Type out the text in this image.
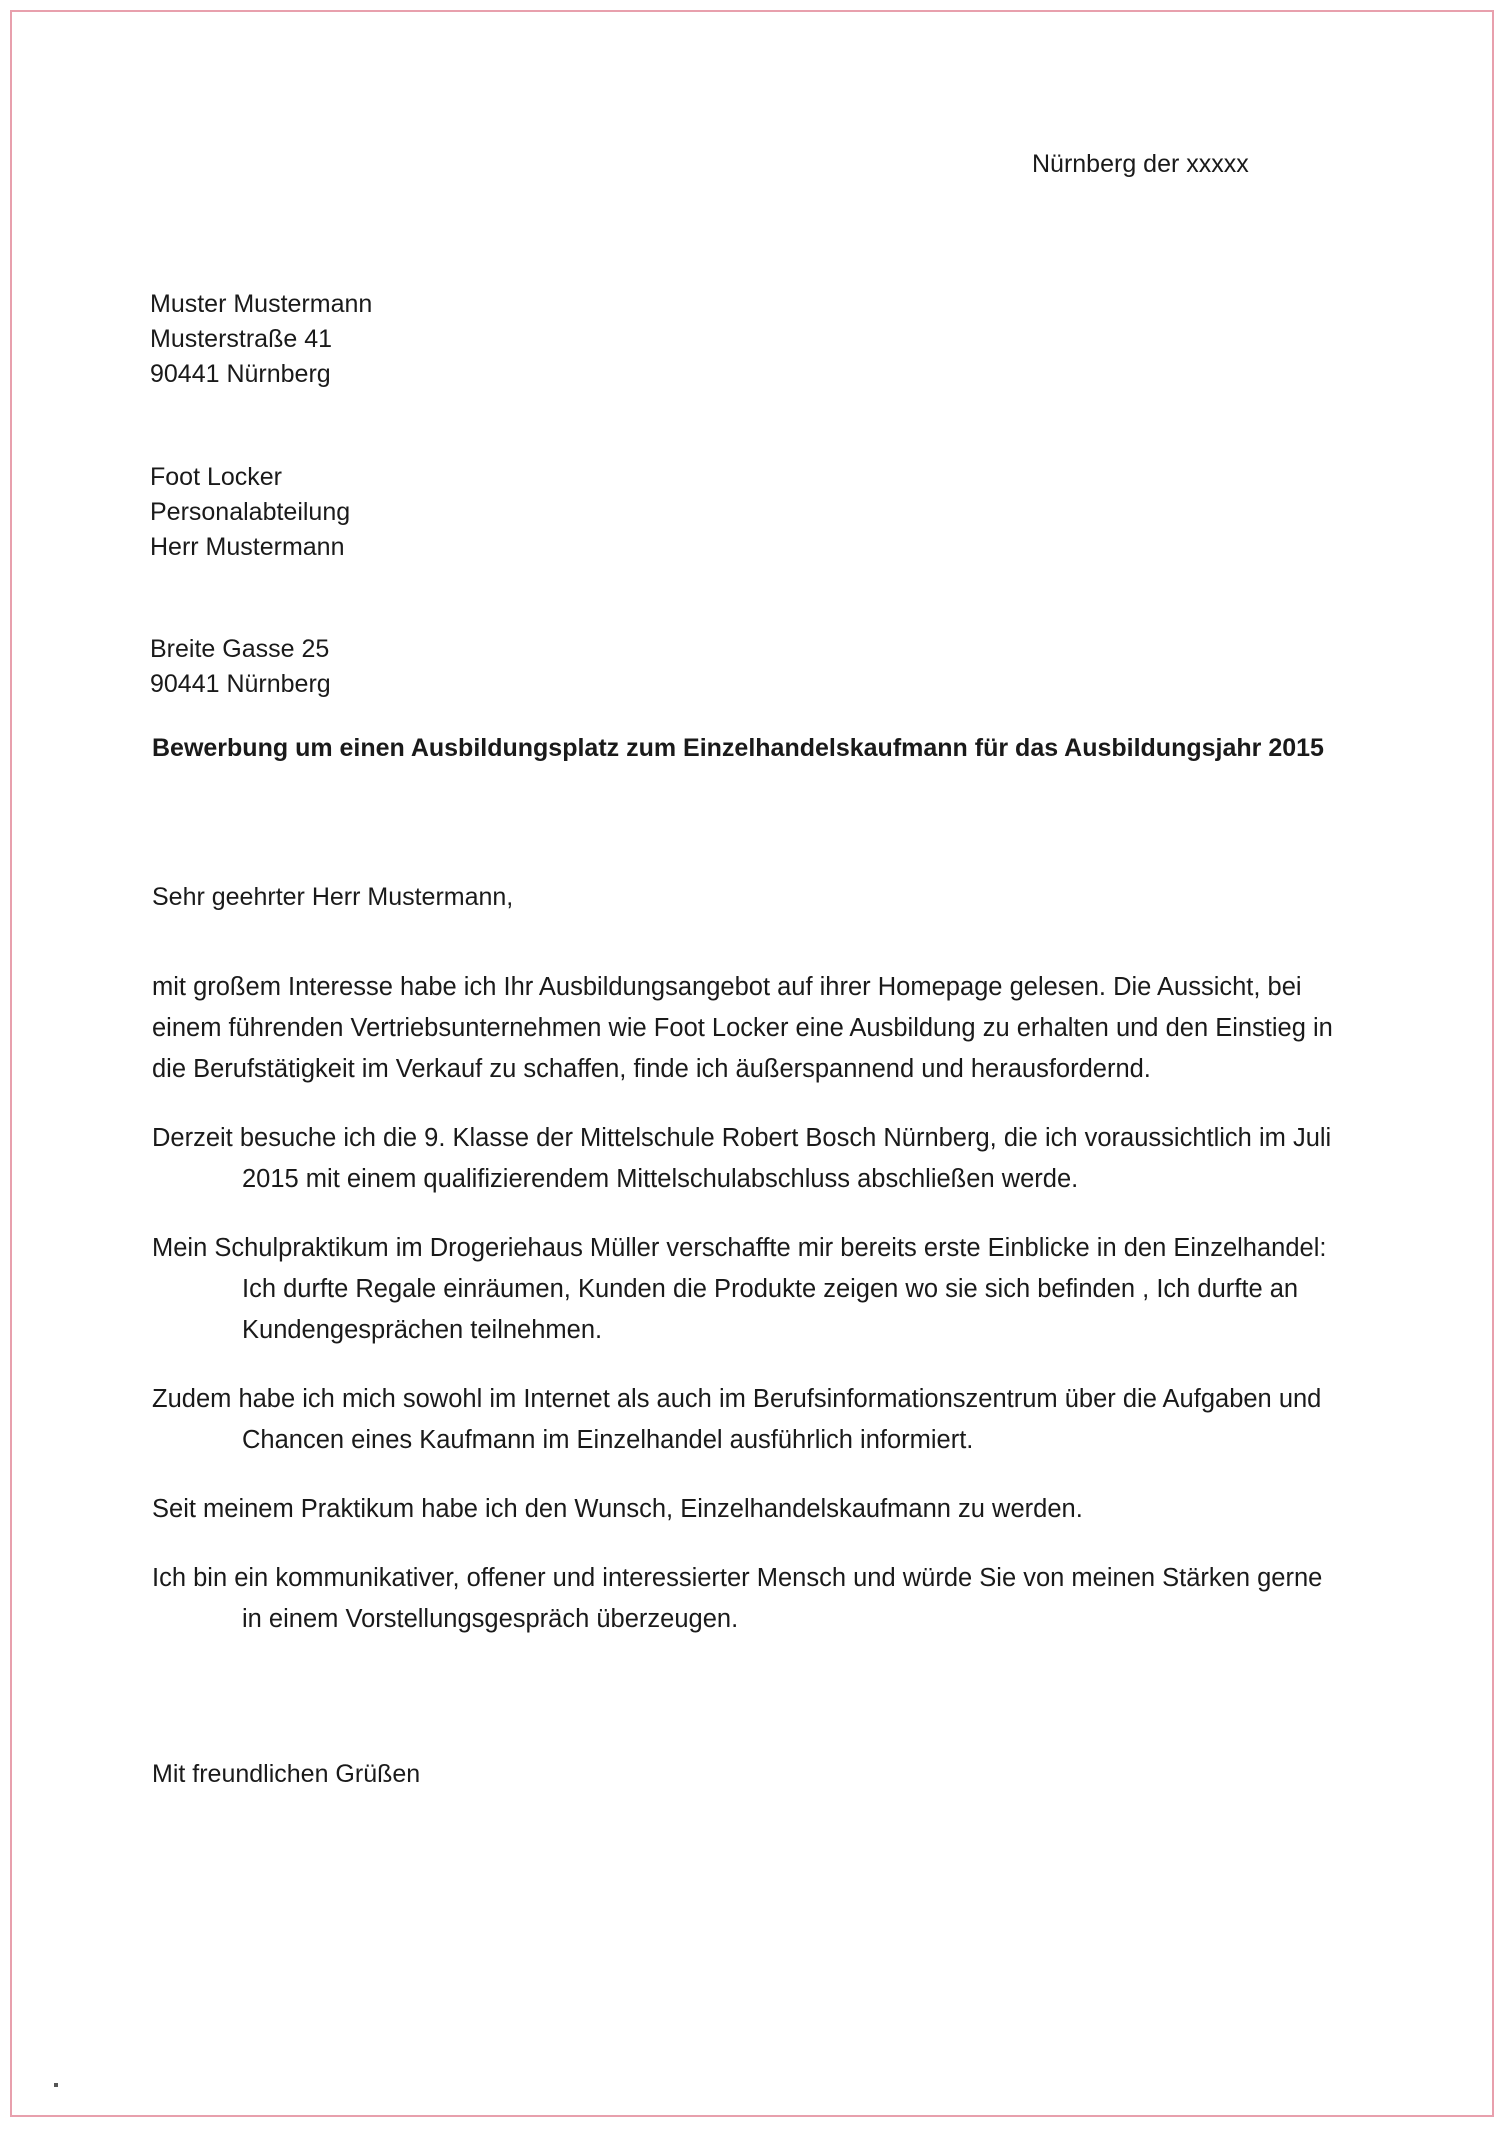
Nürnberg der xxxxx
Muster Mustermann
Musterstraße 41
90441 Nürnberg
Foot Locker
Personalabteilung
Herr Mustermann
Breite Gasse 25
90441 Nürnberg
Bewerbung um einen Ausbildungsplatz zum Einzelhandelskaufmann für das Ausbildungsjahr 2015
Sehr geehrter Herr Mustermann,

mit großem Interesse habe ich Ihr Ausbildungsangebot auf ihrer Homepage gelesen. Die Aussicht, bei einem führenden Vertriebsunternehmen wie Foot Locker eine Ausbildung zu erhalten und den Einstieg in die Berufstätigkeit im Verkauf zu schaffen, finde ich äußerspannend und herausfordernd.

Derzeit besuche ich die 9. Klasse der Mittelschule Robert Bosch Nürnberg, die ich voraussichtlich im Juli 2015 mit einem qualifizierendem Mittelschulabschluss abschließen werde.

Mein Schulpraktikum im Drogeriehaus Müller verschaffte mir bereits erste Einblicke in den Einzelhandel: Ich durfte Regale einräumen, Kunden die Produkte zeigen wo sie sich befinden , Ich durfte an Kundengesprächen teilnehmen.

Zudem habe ich mich sowohl im Internet als auch im Berufsinformationszentrum über die Aufgaben und Chancen eines Kaufmann im Einzelhandel ausführlich informiert.

Seit meinem Praktikum habe ich den Wunsch, Einzelhandelskaufmann zu werden.

Ich bin ein kommunikativer, offener und interessierter Mensch und würde Sie von meinen Stärken gerne in einem Vorstellungsgespräch überzeugen.

Mit freundlichen Grüßen
